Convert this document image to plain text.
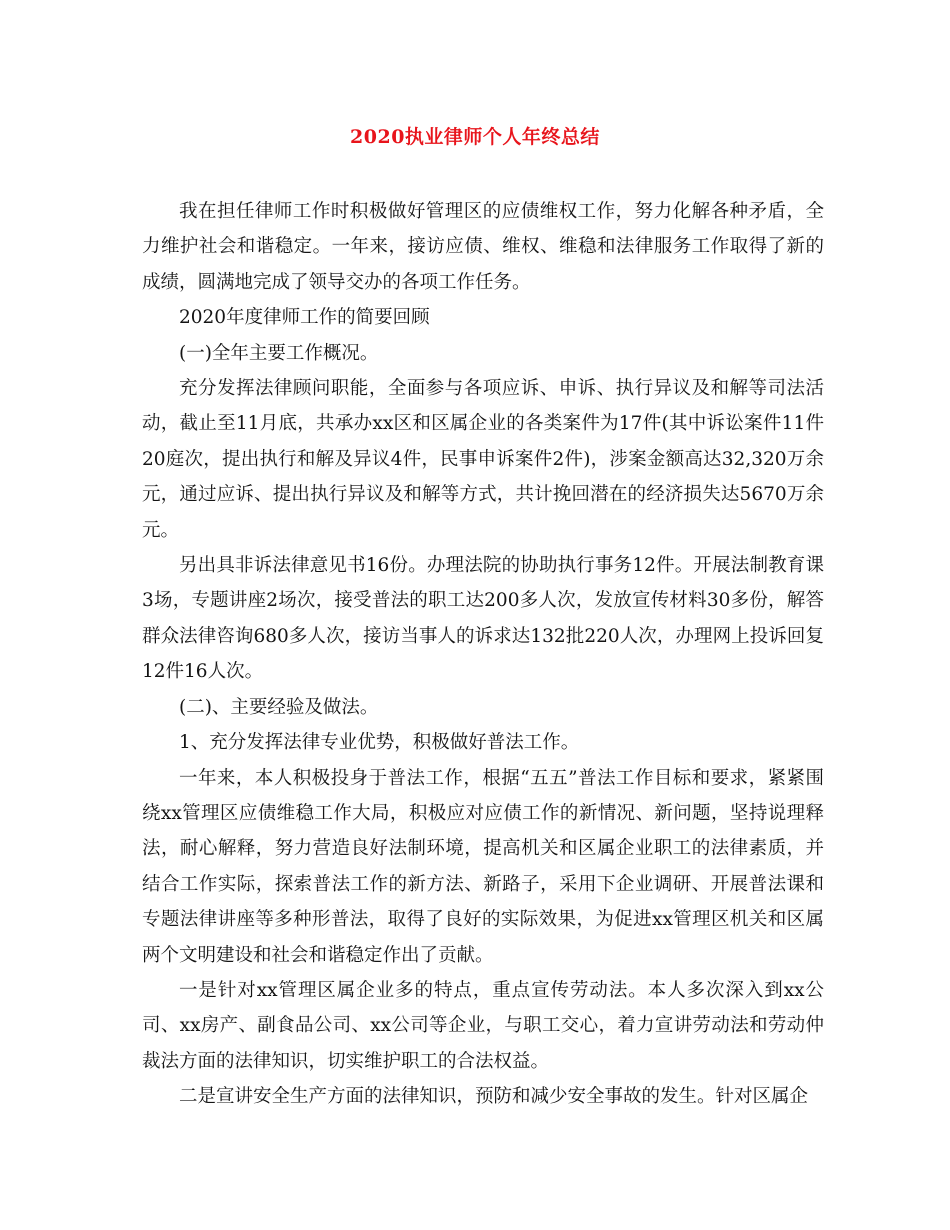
2020执业律师个人年终总结

我在担任律师工作时积极做好管理区的应债维权工作，努力化解各种矛盾，全力维护社会和谐稳定。一年来，接访应债、维权、维稳和法律服务工作取得了新的成绩，圆满地完成了领导交办的各项工作任务。

2020年度律师工作的简要回顾

(一)全年主要工作概况。

充分发挥法律顾问职能，全面参与各项应诉、申诉、执行异议及和解等司法活动，截止至11月底，共承办xx区和区属企业的各类案件为17件(其中诉讼案件11件20庭次，提出执行和解及异议4件，民事申诉案件2件)，涉案金额高达32,320万余元，通过应诉、提出执行异议及和解等方式，共计挽回潜在的经济损失达5670万余元。

另出具非诉法律意见书16份。办理法院的协助执行事务12件。开展法制教育课3场，专题讲座2场次，接受普法的职工达200多人次，发放宣传材料30多份，解答群众法律咨询680多人次，接访当事人的诉求达132批220人次，办理网上投诉回复12件16人次。

(二)、主要经验及做法。

1、充分发挥法律专业优势，积极做好普法工作。

一年来，本人积极投身于普法工作，根据“五五”普法工作目标和要求，紧紧围绕xx管理区应债维稳工作大局，积极应对应债工作的新情况、新问题，坚持说理释法，耐心解释，努力营造良好法制环境，提高机关和区属企业职工的法律素质，并结合工作实际，探索普法工作的新方法、新路子，采用下企业调研、开展普法课和专题法律讲座等多种形普法，取得了良好的实际效果，为促进xx管理区机关和区属两个文明建设和社会和谐稳定作出了贡献。

一是针对xx管理区属企业多的特点，重点宣传劳动法。本人多次深入到xx公司、xx房产、副食品公司、xx公司等企业，与职工交心，着力宣讲劳动法和劳动仲裁法方面的法律知识，切实维护职工的合法权益。

二是宣讲安全生产方面的法律知识，预防和减少安全事故的发生。针对区属企
